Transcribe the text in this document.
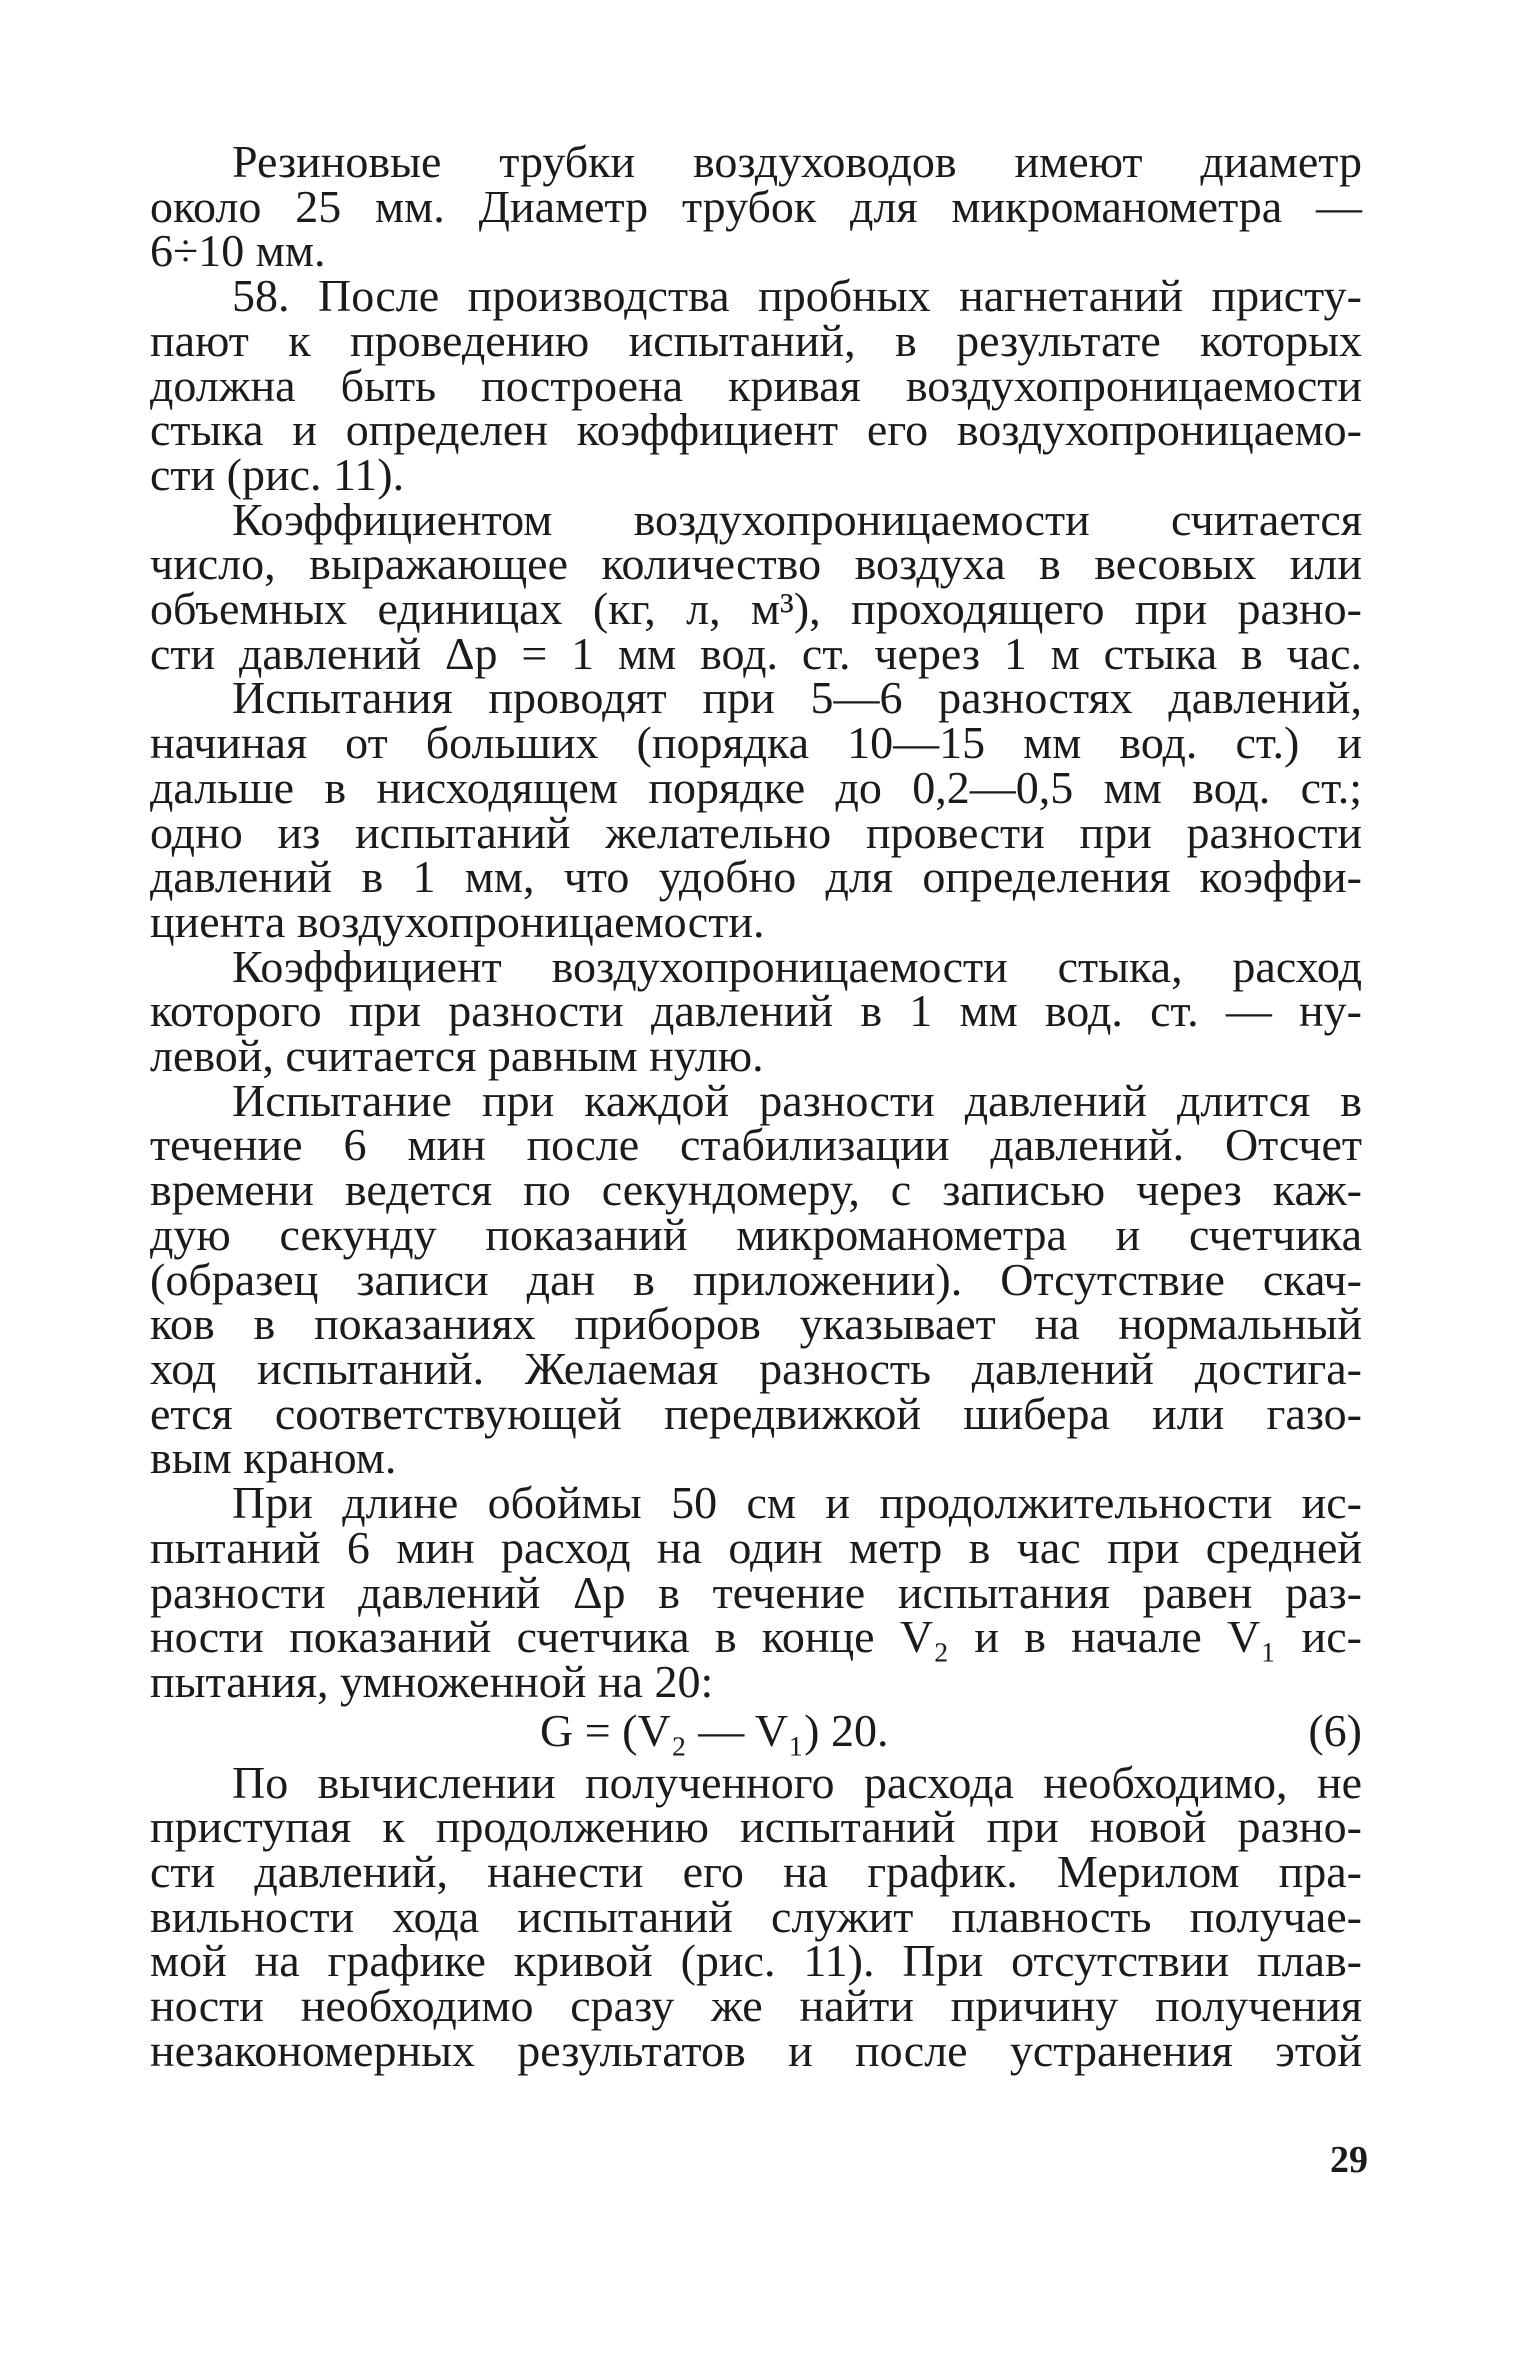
Резиновые трубки воздуховодов имеют диаметр
около 25 мм. Диаметр трубок для микроманометра —
6÷10 мм.

58. После производства пробных нагнетаний присту-
пают к проведению испытаний, в результате которых
должна быть построена кривая воздухопроницаемости
стыка и определен коэффициент его воздухопроницаемо-
сти (рис. 11).

Коэффициентом воздухопроницаемости считается
число, выражающее количество воздуха в весовых или
объемных единицах (кг, л, м³), проходящего при разно-
сти давлений Δp = 1 мм вод. ст. через 1 м стыка в час.

Испытания проводят при 5—6 разностях давлений,
начиная от больших (порядка 10—15 мм вод. ст.) и
дальше в нисходящем порядке до 0,2—0,5 мм вод. ст.;
одно из испытаний желательно провести при разности
давлений в 1 мм, что удобно для определения коэффи-
циента воздухопроницаемости.

Коэффициент воздухопроницаемости стыка, расход
которого при разности давлений в 1 мм вод. ст. — ну-
левой, считается равным нулю.

Испытание при каждой разности давлений длится в
течение 6 мин после стабилизации давлений. Отсчет
времени ведется по секундомеру, с записью через каж-
дую секунду показаний микроманометра и счетчика
(образец записи дан в приложении). Отсутствие скач-
ков в показаниях приборов указывает на нормальный
ход испытаний. Желаемая разность давлений достига-
ется соответствующей передвижкой шибера или газо-
вым краном.

При длине обоймы 50 см и продолжительности ис-
пытаний 6 мин расход на один метр в час при средней
разности давлений Δp в течение испытания равен раз-
ности показаний счетчика в конце V₂ и в начале V₁ ис-
пытания, умноженной на 20:

G = (V₂ — V₁) 20.	(6)

По вычислении полученного расхода необходимо, не
приступая к продолжению испытаний при новой разно-
сти давлений, нанести его на график. Мерилом пра-
вильности хода испытаний служит плавность получае-
мой на графике кривой (рис. 11). При отсутствии плав-
ности необходимо сразу же найти причину получения
незакономерных результатов и после устранения этой

29
